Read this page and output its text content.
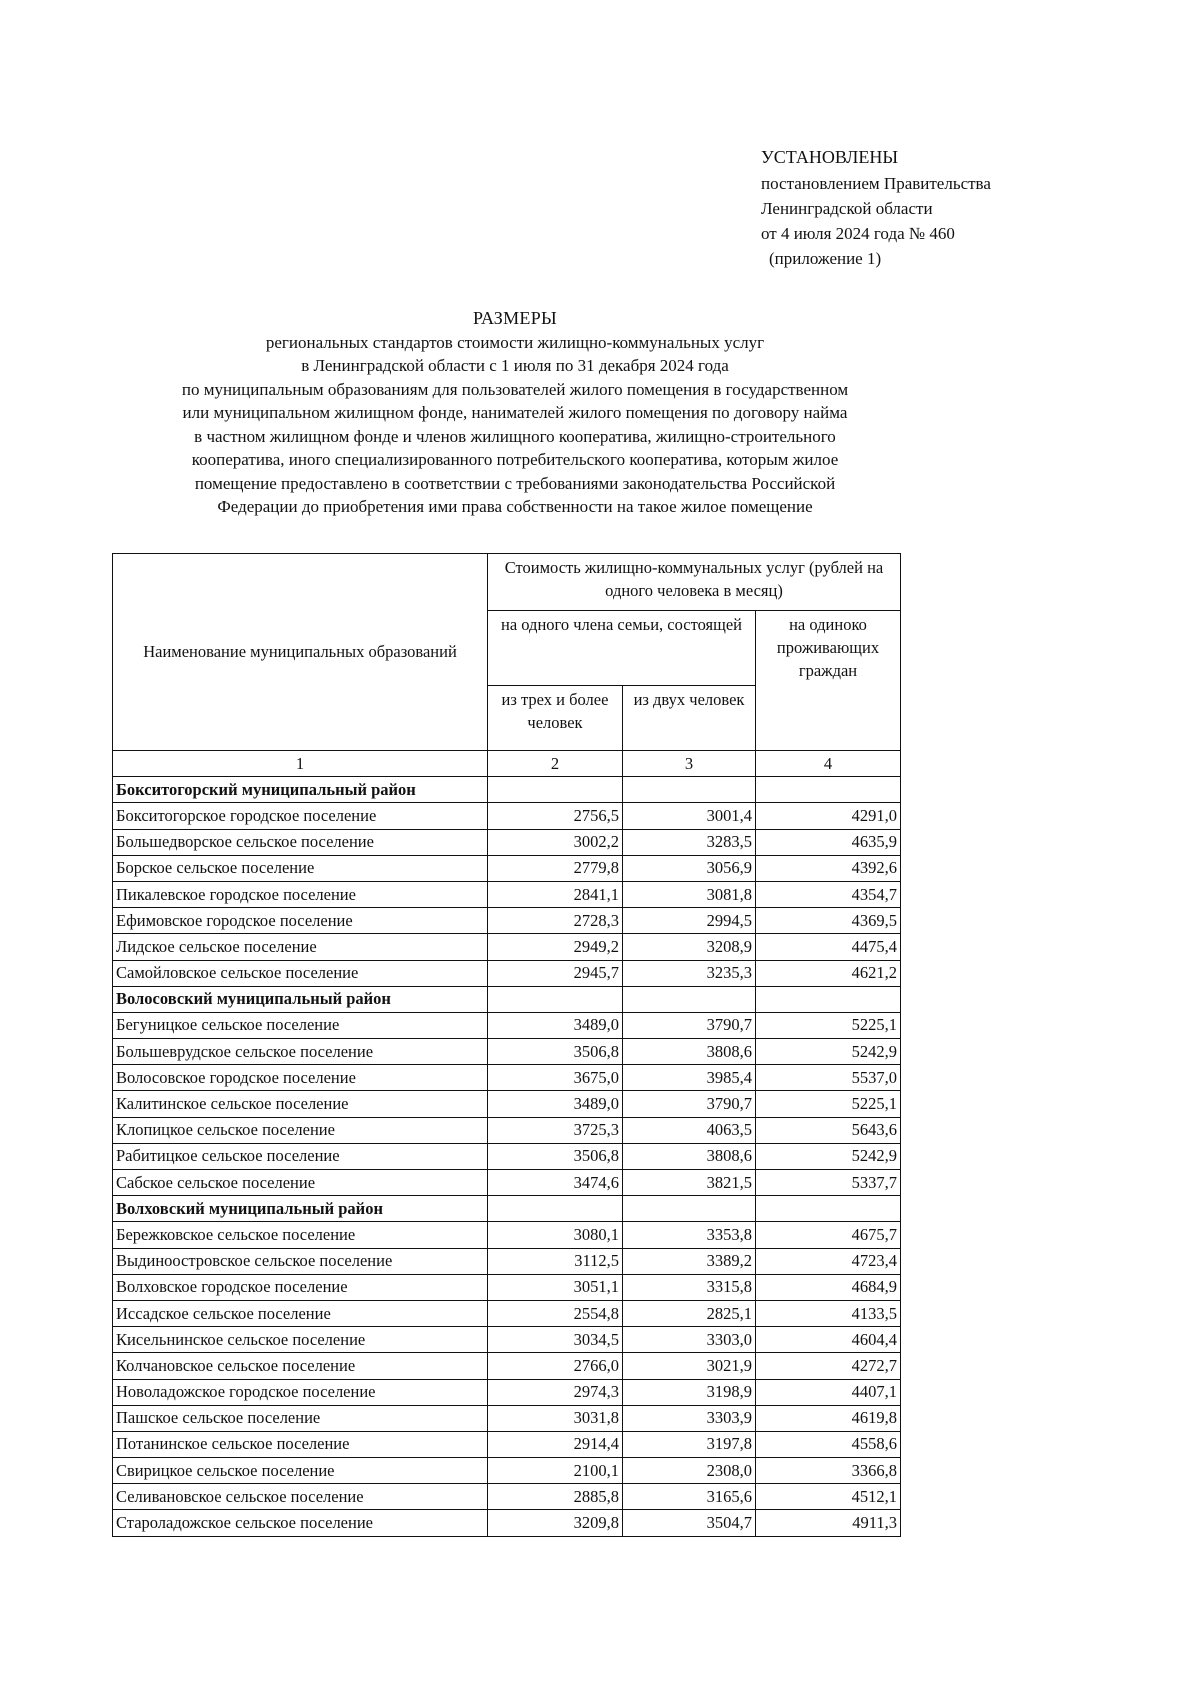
УСТАНОВЛЕНЫ
постановлением Правительства
Ленинградской области
от 4 июля 2024 года № 460
(приложение 1)
РАЗМЕРЫ
региональных стандартов стоимости жилищно-коммунальных услуг
в Ленинградской области с 1 июля по 31 декабря 2024 года
по муниципальным образованиям для пользователей жилого помещения в государственном
или муниципальном жилищном фонде, нанимателей жилого помещения по договору найма
в частном жилищном фонде и членов жилищного кооператива, жилищно-строительного
кооператива, иного специализированного потребительского кооператива, которым жилое
помещение предоставлено в соответствии с требованиями законодательства Российской
Федерации до приобретения ими права собственности на такое жилое помещение
Наименование муниципальных образований	Стоимость жилищно-коммунальных услуг (рублей на одного человека в месяц)		
	на одного члена семьи, состоящей		на одиноко проживающих граждан
	из трех и более человек	из двух человек	
1	2	3	4
Бокситогорский муниципальный район			
Бокситогорское городское поселение	2756,5	3001,4	4291,0
Большедворское сельское поселение	3002,2	3283,5	4635,9
Борское сельское поселение	2779,8	3056,9	4392,6
Пикалевское городское поселение	2841,1	3081,8	4354,7
Ефимовское городское поселение	2728,3	2994,5	4369,5
Лидское сельское поселение	2949,2	3208,9	4475,4
Самойловское сельское поселение	2945,7	3235,3	4621,2
Волосовский муниципальный район			
Бегуницкое сельское поселение	3489,0	3790,7	5225,1
Большеврудское сельское поселение	3506,8	3808,6	5242,9
Волосовское городское поселение	3675,0	3985,4	5537,0
Калитинское сельское поселение	3489,0	3790,7	5225,1
Клопицкое сельское поселение	3725,3	4063,5	5643,6
Рабитицкое сельское поселение	3506,8	3808,6	5242,9
Сабское сельское поселение	3474,6	3821,5	5337,7
Волховский муниципальный район			
Бережковское сельское поселение	3080,1	3353,8	4675,7
Выдиноостровское сельское поселение	3112,5	3389,2	4723,4
Волховское городское поселение	3051,1	3315,8	4684,9
Иссадское сельское поселение	2554,8	2825,1	4133,5
Кисельнинское сельское поселение	3034,5	3303,0	4604,4
Колчановское сельское поселение	2766,0	3021,9	4272,7
Новоладожское городское поселение	2974,3	3198,9	4407,1
Пашское сельское поселение	3031,8	3303,9	4619,8
Потанинское сельское поселение	2914,4	3197,8	4558,6
Свирицкое сельское поселение	2100,1	2308,0	3366,8
Селивановское сельское поселение	2885,8	3165,6	4512,1
Староладожское сельское поселение	3209,8	3504,7	4911,3
